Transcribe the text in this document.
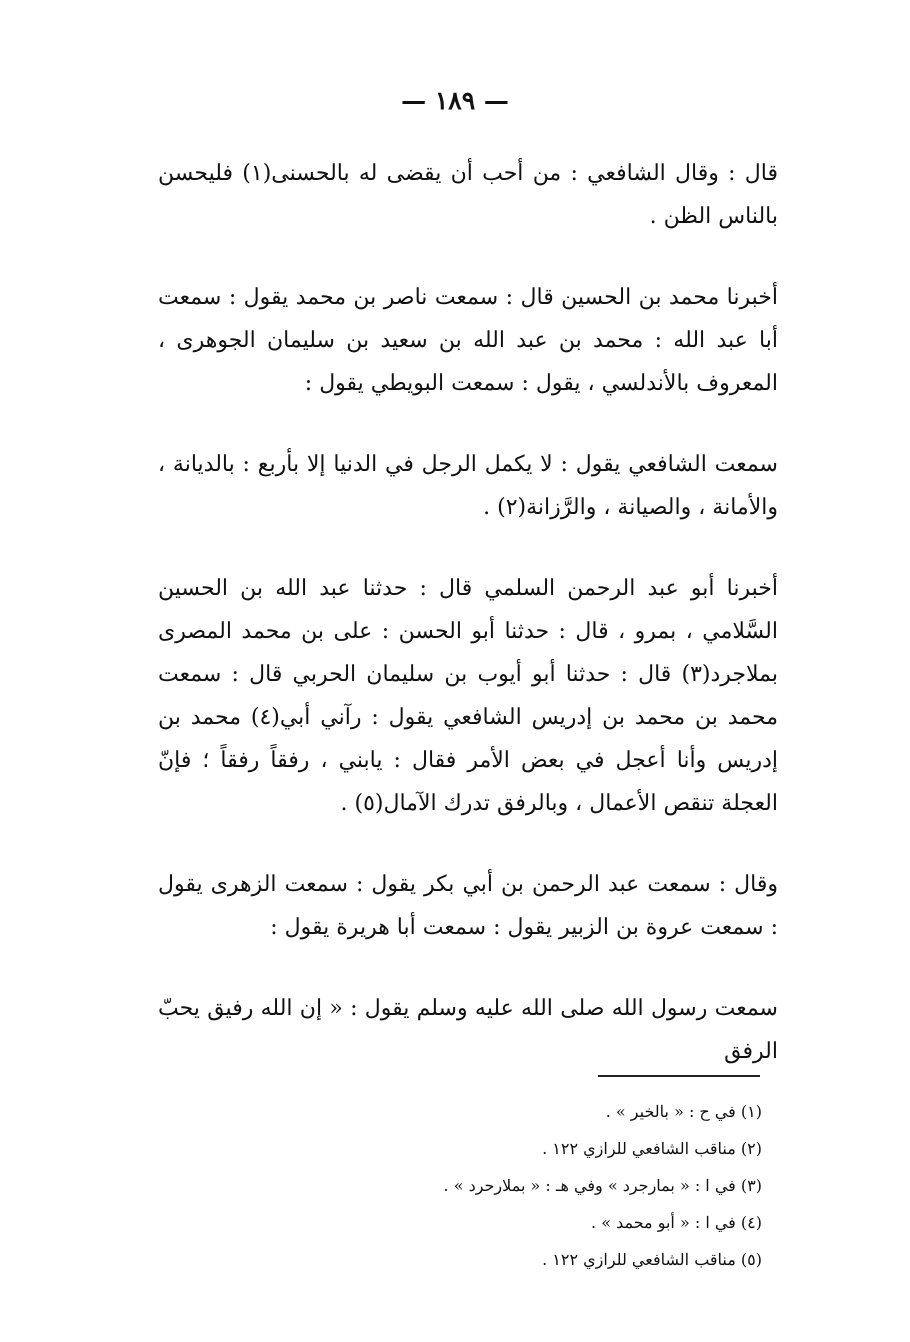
— ١٨٩ —

قال : وقال الشافعي : من أحب أن يقضى له بالحسنى(١) فليحسن بالناس الظن .

أخبرنا محمد بن الحسين قال : سمعت ناصر بن محمد يقول : سمعت أبا عبد الله : محمد بن عبد الله بن سعيد بن سليمان الجوهرى ، المعروف بالأندلسي ، يقول : سمعت البويطي يقول :

سمعت الشافعي يقول : لا يكمل الرجل في الدنيا إلا بأربع : بالديانة ، والأمانة ، والصيانة ، والرَّزانة(٢) .

أخبرنا أبو عبد الرحمن السلمي قال : حدثنا عبد الله بن الحسين السَّلامي ، بمرو ، قال : حدثنا أبو الحسن : على بن محمد المصرى بملاجرد(٣) قال : حدثنا أبو أيوب بن سليمان الحربي قال : سمعت محمد بن محمد بن إدريس الشافعي يقول : رآني أبي(٤) محمد بن إدريس وأنا أعجل في بعض الأمر فقال : يابني ، رفقاً رفقاً ؛ فإنّ العجلة تنقص الأعمال ، وبالرفق تدرك الآمال(٥) .

وقال : سمعت عبد الرحمن بن أبي بكر يقول : سمعت الزهرى يقول : سمعت عروة بن الزبير يقول : سمعت أبا هريرة يقول :

سمعت رسول الله صلى الله عليه وسلم يقول : « إن الله رفيق يحبّ الرفق

(١) في ح : « بالخير » .

(٢) مناقب الشافعي للرازي ١٢٢ .

(٣) في ا : « بمارجرد » وفي هـ : « بملارحرد » .

(٤) في ا : « أبو محمد » .

(٥) مناقب الشافعي للرازي ١٢٢ .
